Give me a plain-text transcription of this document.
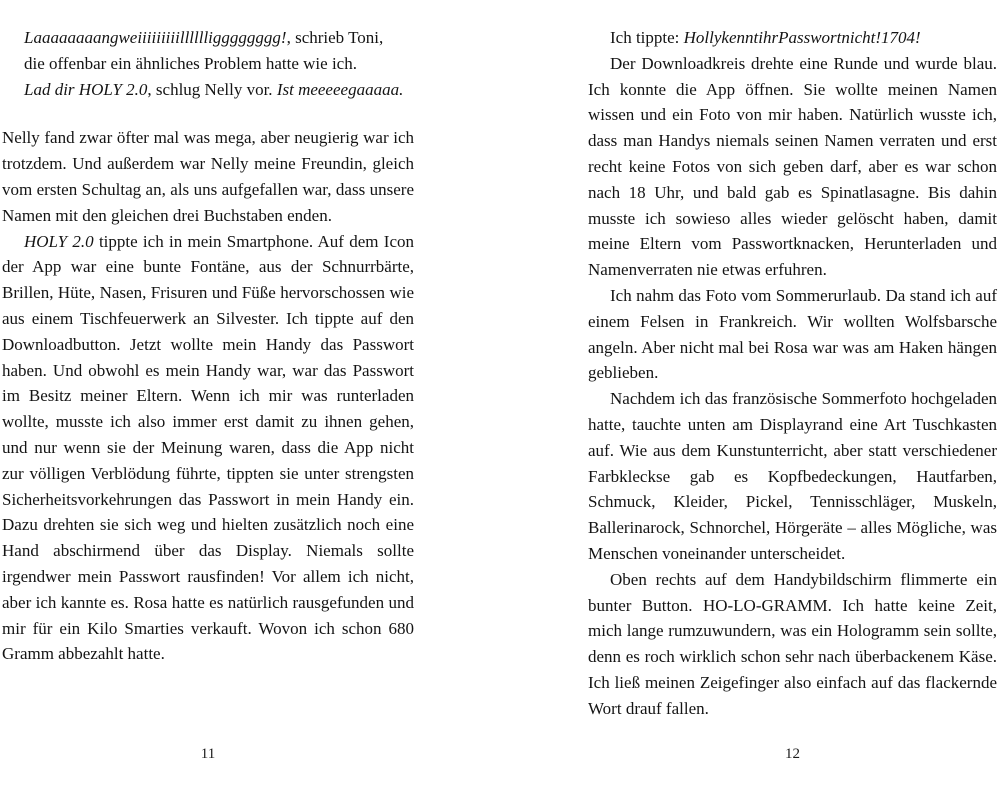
Laaaaaaaangweiiiiiiiiilllllligggggggg!, schrieb Toni,
die offenbar ein ähnliches Problem hatte wie ich.
Lad dir HOLY 2.0, schlug Nelly vor. Ist meeeeegaaaaa.

Nelly fand zwar öfter mal was mega, aber neugierig war ich trotzdem. Und außerdem war Nelly meine Freundin, gleich vom ersten Schultag an, als uns aufgefallen war, dass unsere Namen mit den gleichen drei Buchstaben enden.

HOLY 2.0 tippte ich in mein Smartphone. Auf dem Icon der App war eine bunte Fontäne, aus der Schnurrbärte, Brillen, Hüte, Nasen, Frisuren und Füße hervorschossen wie aus einem Tischfeuerwerk an Silvester. Ich tippte auf den Downloadbutton. Jetzt wollte mein Handy das Passwort haben. Und obwohl es mein Handy war, war das Passwort im Besitz meiner Eltern. Wenn ich mir was runterladen wollte, musste ich also immer erst damit zu ihnen gehen, und nur wenn sie der Meinung waren, dass die App nicht zur völligen Verblödung führte, tippten sie unter strengsten Sicherheitsvorkehrungen das Passwort in mein Handy ein. Dazu drehten sie sich weg und hielten zusätzlich noch eine Hand abschirmend über das Display. Niemals sollte irgendwer mein Passwort rausfinden! Vor allem ich nicht, aber ich kannte es. Rosa hatte es natürlich rausgefunden und mir für ein Kilo Smarties verkauft. Wovon ich schon 680 Gramm abbezahlt hatte.

11

Ich tippte: HollykenntihrPasswortnicht!1704!

Der Downloadkreis drehte eine Runde und wurde blau. Ich konnte die App öffnen. Sie wollte meinen Namen wissen und ein Foto von mir haben. Natürlich wusste ich, dass man Handys niemals seinen Namen verraten und erst recht keine Fotos von sich geben darf, aber es war schon nach 18 Uhr, und bald gab es Spinatlasagne. Bis dahin musste ich sowieso alles wieder gelöscht haben, damit meine Eltern vom Passwortknacken, Herunterladen und Namenverraten nie etwas erfuhren.

Ich nahm das Foto vom Sommerurlaub. Da stand ich auf einem Felsen in Frankreich. Wir wollten Wolfsbarsche angeln. Aber nicht mal bei Rosa war was am Haken hängen geblieben.

Nachdem ich das französische Sommerfoto hochgeladen hatte, tauchte unten am Displayrand eine Art Tuschkasten auf. Wie aus dem Kunstunterricht, aber statt verschiedener Farbkleckse gab es Kopfbedeckungen, Hautfarben, Schmuck, Kleider, Pickel, Tennisschläger, Muskeln, Ballerinarock, Schnorchel, Hörgeräte – alles Mögliche, was Menschen voneinander unterscheidet.

Oben rechts auf dem Handybildschirm flimmerte ein bunter Button. HO-LO-GRAMM. Ich hatte keine Zeit, mich lange rumzuwundern, was ein Hologramm sein sollte, denn es roch wirklich schon sehr nach überbackenem Käse. Ich ließ meinen Zeigefinger also einfach auf das flackernde Wort drauf fallen.

12
